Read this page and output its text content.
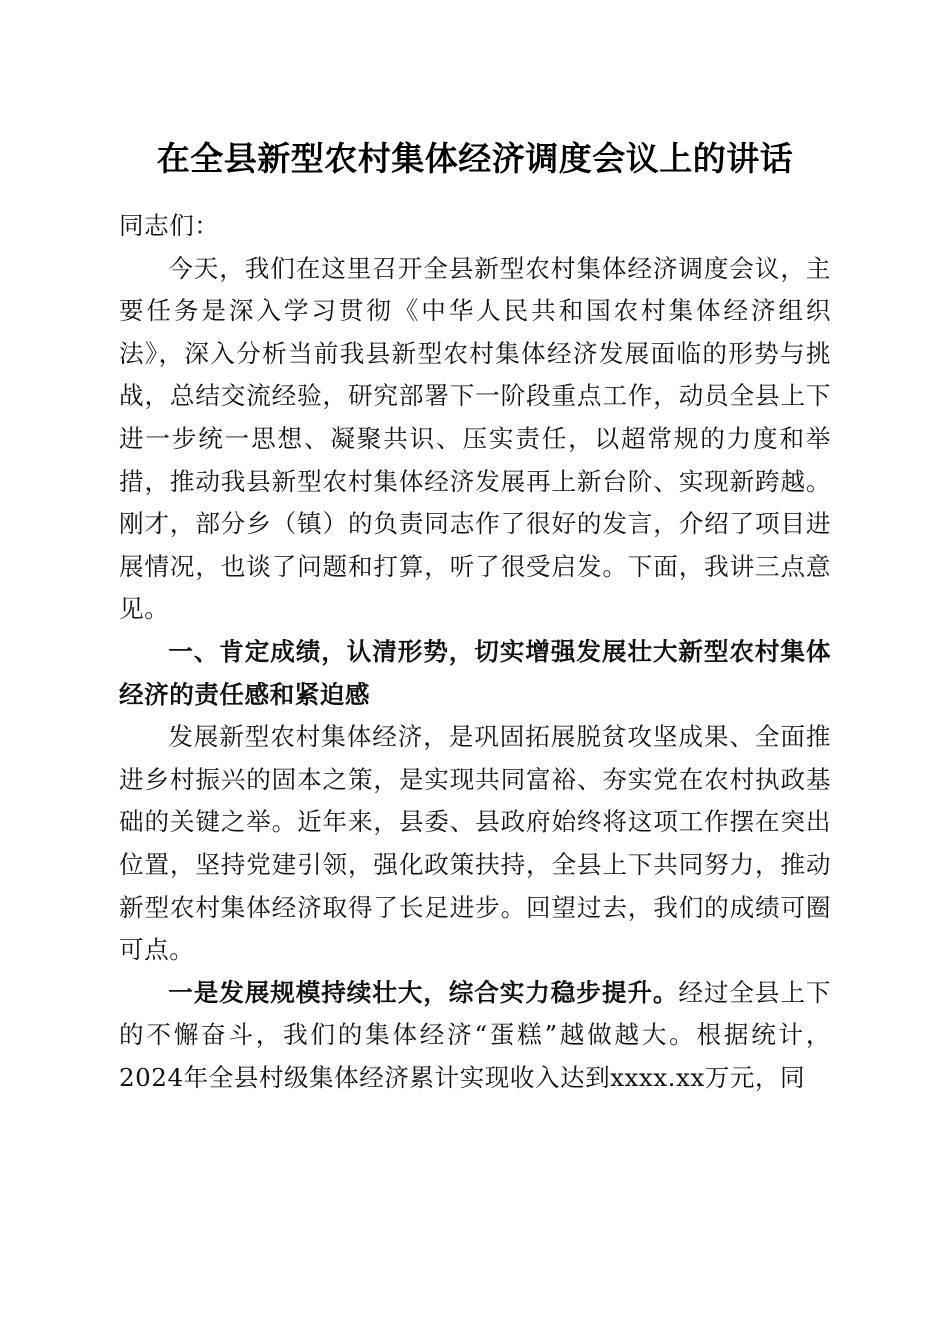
在全县新型农村集体经济调度会议上的讲话

同志们：

今天，我们在这里召开全县新型农村集体经济调度会议，主要任务是深入学习贯彻《中华人民共和国农村集体经济组织法》，深入分析当前我县新型农村集体经济发展面临的形势与挑战，总结交流经验，研究部署下一阶段重点工作，动员全县上下进一步统一思想、凝聚共识、压实责任，以超常规的力度和举措，推动我县新型农村集体经济发展再上新台阶、实现新跨越。刚才，部分乡（镇）的负责同志作了很好的发言，介绍了项目进展情况，也谈了问题和打算，听了很受启发。下面，我讲三点意见。

一、肯定成绩，认清形势，切实增强发展壮大新型农村集体经济的责任感和紧迫感

发展新型农村集体经济，是巩固拓展脱贫攻坚成果、全面推进乡村振兴的固本之策，是实现共同富裕、夯实党在农村执政基础的关键之举。近年来，县委、县政府始终将这项工作摆在突出位置，坚持党建引领，强化政策扶持，全县上下共同努力，推动新型农村集体经济取得了长足进步。回望过去，我们的成绩可圈可点。

一是发展规模持续壮大，综合实力稳步提升。经过全县上下的不懈奋斗，我们的集体经济“蛋糕”越做越大。根据统计，2024年全县村级集体经济累计实现收入达到xxxx.xx万元，同
